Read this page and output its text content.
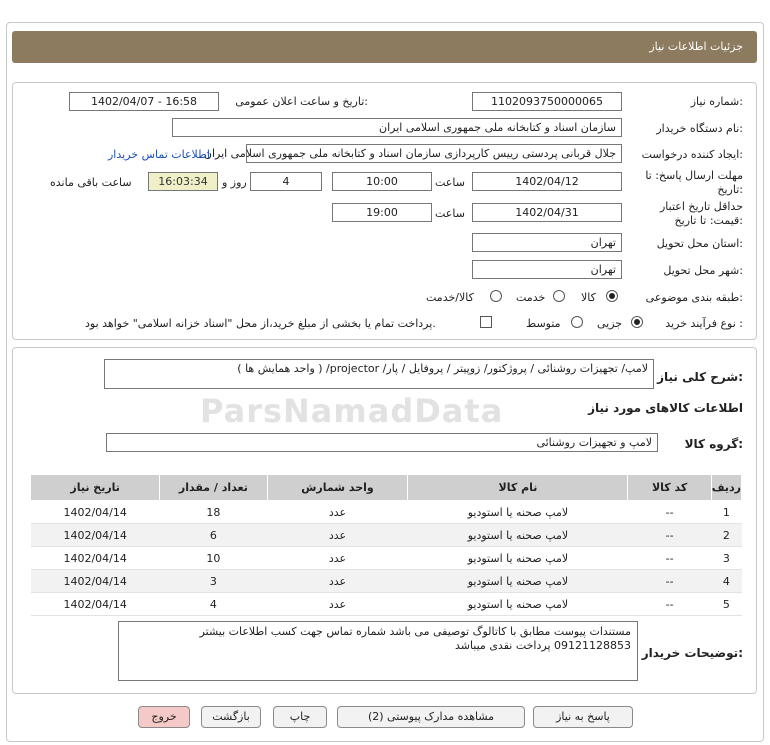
جزئیات اطلاعات نیاز
شماره نیاز:
1102093750000065
تاریخ و ساعت اعلان عمومی:
1402/04/07 - 16:58
نام دستگاه خریدار:
سازمان اسناد و کتابخانه ملی جمهوری اسلامی ایران
ایجاد کننده درخواست:
جلال قربانی پردستی رییس کارپردازی سازمان اسناد و کتابخانه ملی جمهوری اسلامی ایران
اطلاعات تماس خریدار
مهلت ارسال پاسخ: تا
تاریخ:
1402/04/12
ساعت
10:00
4
روز و
16:03:34
ساعت باقی مانده
حداقل تاریخ اعتبار
قیمت: تا تاریخ:
1402/04/31
ساعت
19:00
استان محل تحویل:
تهران
شهر محل تحویل:
تهران
طبقه بندی موضوعی:
کالا
خدمت
کالا/خدمت
نوع فرآیند خرید :
جزیی
متوسط
پرداخت تمام یا بخشی از مبلغ خرید،از محل "اسناد خزانه اسلامی" خواهد بود.
ParsNamadData
شرح کلی نیاز:
لامپ/ تجهیزات روشنائی / پروژکتور/ زوپیتر / پروفایل / پار/ projector/ ( واحد همایش ها )
اطلاعات کالاهای مورد نیاز
گروه کالا:
لامپ و تجهیزات روشنائی
ردیف	کد کالا	نام کالا	واحد شمارش	تعداد / مقدار	تاریخ نیاز
1	--	لامپ صحنه یا استودیو	عدد	18	1402/04/14
2	--	لامپ صحنه یا استودیو	عدد	6	1402/04/14
3	--	لامپ صحنه یا استودیو	عدد	10	1402/04/14
4	--	لامپ صحنه یا استودیو	عدد	3	1402/04/14
5	--	لامپ صحنه یا استودیو	عدد	4	1402/04/14
توضیحات خریدار:
مستندات پیوست مطابق با کاتالوگ توصیفی می باشد شماره تماس جهت کسب اطلاعات بیشتر
09121128853 پرداخت نقدی میباشد
پاسخ به نیاز
مشاهده مدارک پیوستی (2)
چاپ
بازگشت
خروج
